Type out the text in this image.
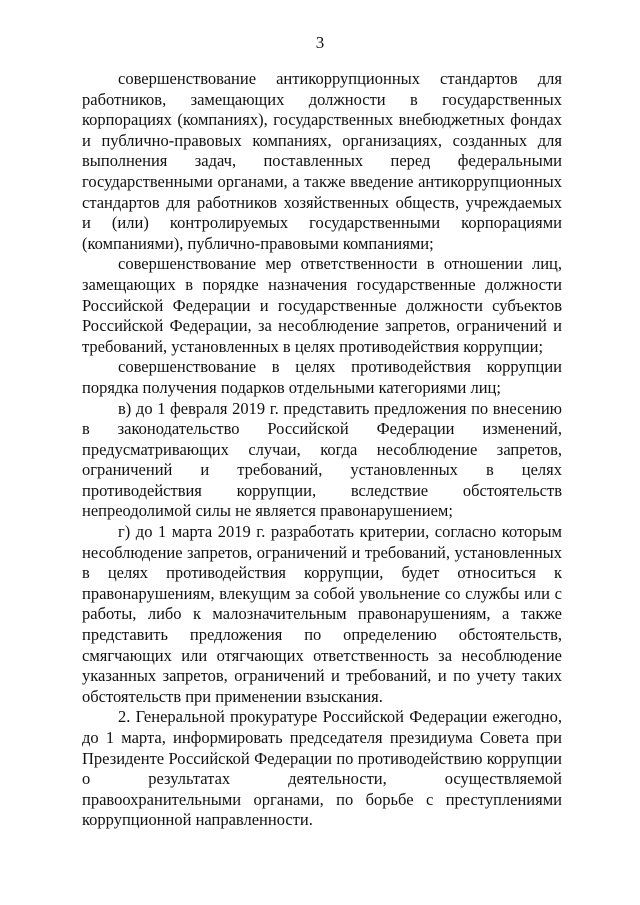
3

совершенствование антикоррупционных стандартов для работников, замещающих должности в государственных корпорациях (компаниях), государственных внебюджетных фондах и публично-правовых компаниях, организациях, созданных для выполнения задач, поставленных перед федеральными государственными органами, а также введение антикоррупционных стандартов для работников хозяйственных обществ, учреждаемых и (или) контролируемых государственными корпорациями (компаниями), публично-правовыми компаниями;

совершенствование мер ответственности в отношении лиц, замещающих в порядке назначения государственные должности Российской Федерации и государственные должности субъектов Российской Федерации, за несоблюдение запретов, ограничений и требований, установленных в целях противодействия коррупции;

совершенствование в целях противодействия коррупции порядка получения подарков отдельными категориями лиц;

в) до 1 февраля 2019 г. представить предложения по внесению в законодательство Российской Федерации изменений, предусматривающих случаи, когда несоблюдение запретов, ограничений и требований, установленных в целях противодействия коррупции, вследствие обстоятельств непреодолимой силы не является правонарушением;

г) до 1 марта 2019 г. разработать критерии, согласно которым несоблюдение запретов, ограничений и требований, установленных в целях противодействия коррупции, будет относиться к правонарушениям, влекущим за собой увольнение со службы или с работы, либо к малозначительным правонарушениям, а также представить предложения по определению обстоятельств, смягчающих или отягчающих ответственность за несоблюдение указанных запретов, ограничений и требований, и по учету таких обстоятельств при применении взыскания.

2. Генеральной прокуратуре Российской Федерации ежегодно, до 1 марта, информировать председателя президиума Совета при Президенте Российской Федерации по противодействию коррупции о результатах деятельности, осуществляемой правоохранительными органами, по борьбе с преступлениями коррупционной направленности.
